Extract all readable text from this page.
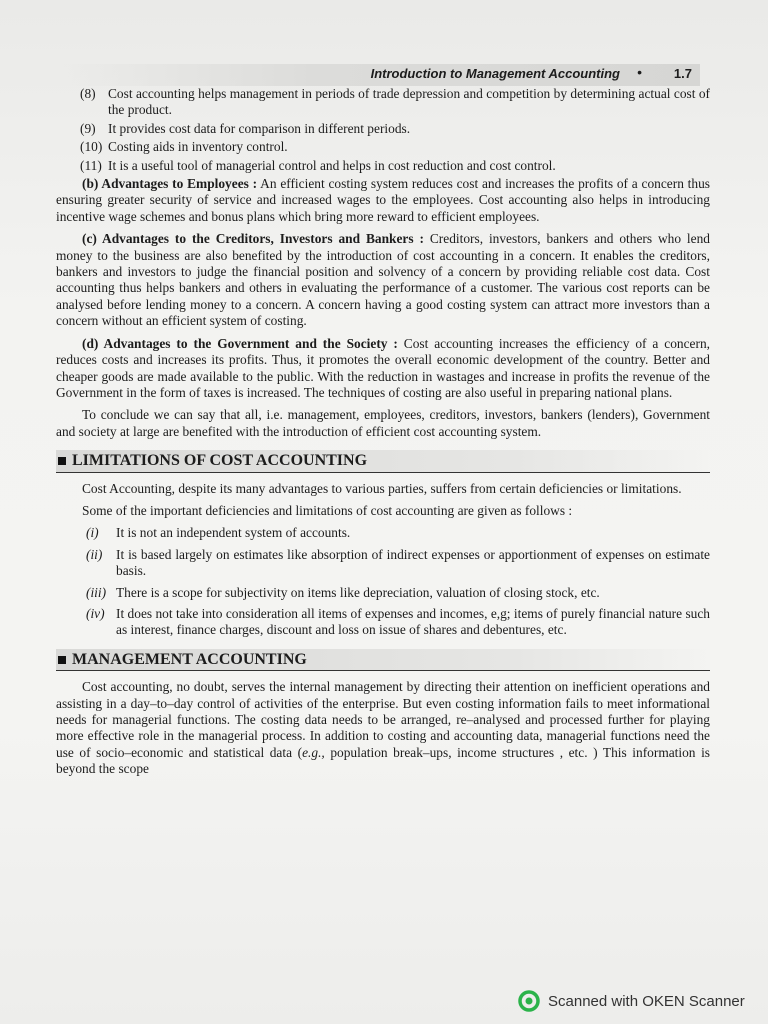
Introduction to Management Accounting • 1.7
(8) Cost accounting helps management in periods of trade depression and competition by determining actual cost of the product.
(9) It provides cost data for comparison in different periods.
(10) Costing aids in inventory control.
(11) It is a useful tool of managerial control and helps in cost reduction and cost control.

(b) Advantages to Employees : An efficient costing system reduces cost and increases the profits of a concern thus ensuring greater security of service and increased wages to the employees. Cost accounting also helps in introducing incentive wage schemes and bonus plans which bring more reward to efficient employees.

(c) Advantages to the Creditors, Investors and Bankers : Creditors, investors, bankers and others who lend money to the business are also benefited by the introduction of cost accounting in a concern. It enables the creditors, bankers and investors to judge the financial position and solvency of a concern by providing reliable cost data. Cost accounting thus helps bankers and others in evaluating the performance of a customer. The various cost reports can be analysed before lending money to a concern. A concern having a good costing system can attract more investors than a concern without an efficient system of costing.

(d) Advantages to the Government and the Society : Cost accounting increases the efficiency of a concern, reduces costs and increases its profits. Thus, it promotes the overall economic development of the country. Better and cheaper goods are made available to the public. With the reduction in wastages and increase in profits the revenue of the Government in the form of taxes is increased. The techniques of costing are also useful in preparing national plans.

To conclude we can say that all, i.e. management, employees, creditors, investors, bankers (lenders), Government and society at large are benefited with the introduction of efficient cost accounting system.

LIMITATIONS OF COST ACCOUNTING

Cost Accounting, despite its many advantages to various parties, suffers from certain deficiencies or limitations.

Some of the important deficiencies and limitations of cost accounting are given as follows :

(i)	It is not an independent system of accounts.
(ii)	It is based largely on estimates like absorption of indirect expenses or apportionment of expenses on estimate basis.
(iii) There is a scope for subjectivity on items like depreciation, valuation of closing stock, etc.
(iv) It does not take into consideration all items of expenses and incomes, e,g; items of purely financial nature such as interest, finance charges, discount and loss on issue of shares and debentures, etc.
MANAGEMENT ACCOUNTING

Cost accounting, no doubt, serves the internal management by directing their attention on inefficient operations and assisting in a day–to–day control of activities of the enterprise. But even costing information fails to meet informational needs for managerial functions. The costing data needs to be arranged, re–analysed and processed further for playing more effective role in the managerial process. In addition to costing and accounting data, managerial functions need the use of socio–economic and statistical data (e.g., population break–ups, income structures , etc. ) This information is beyond the scope

Scanned with OKEN Scanner
